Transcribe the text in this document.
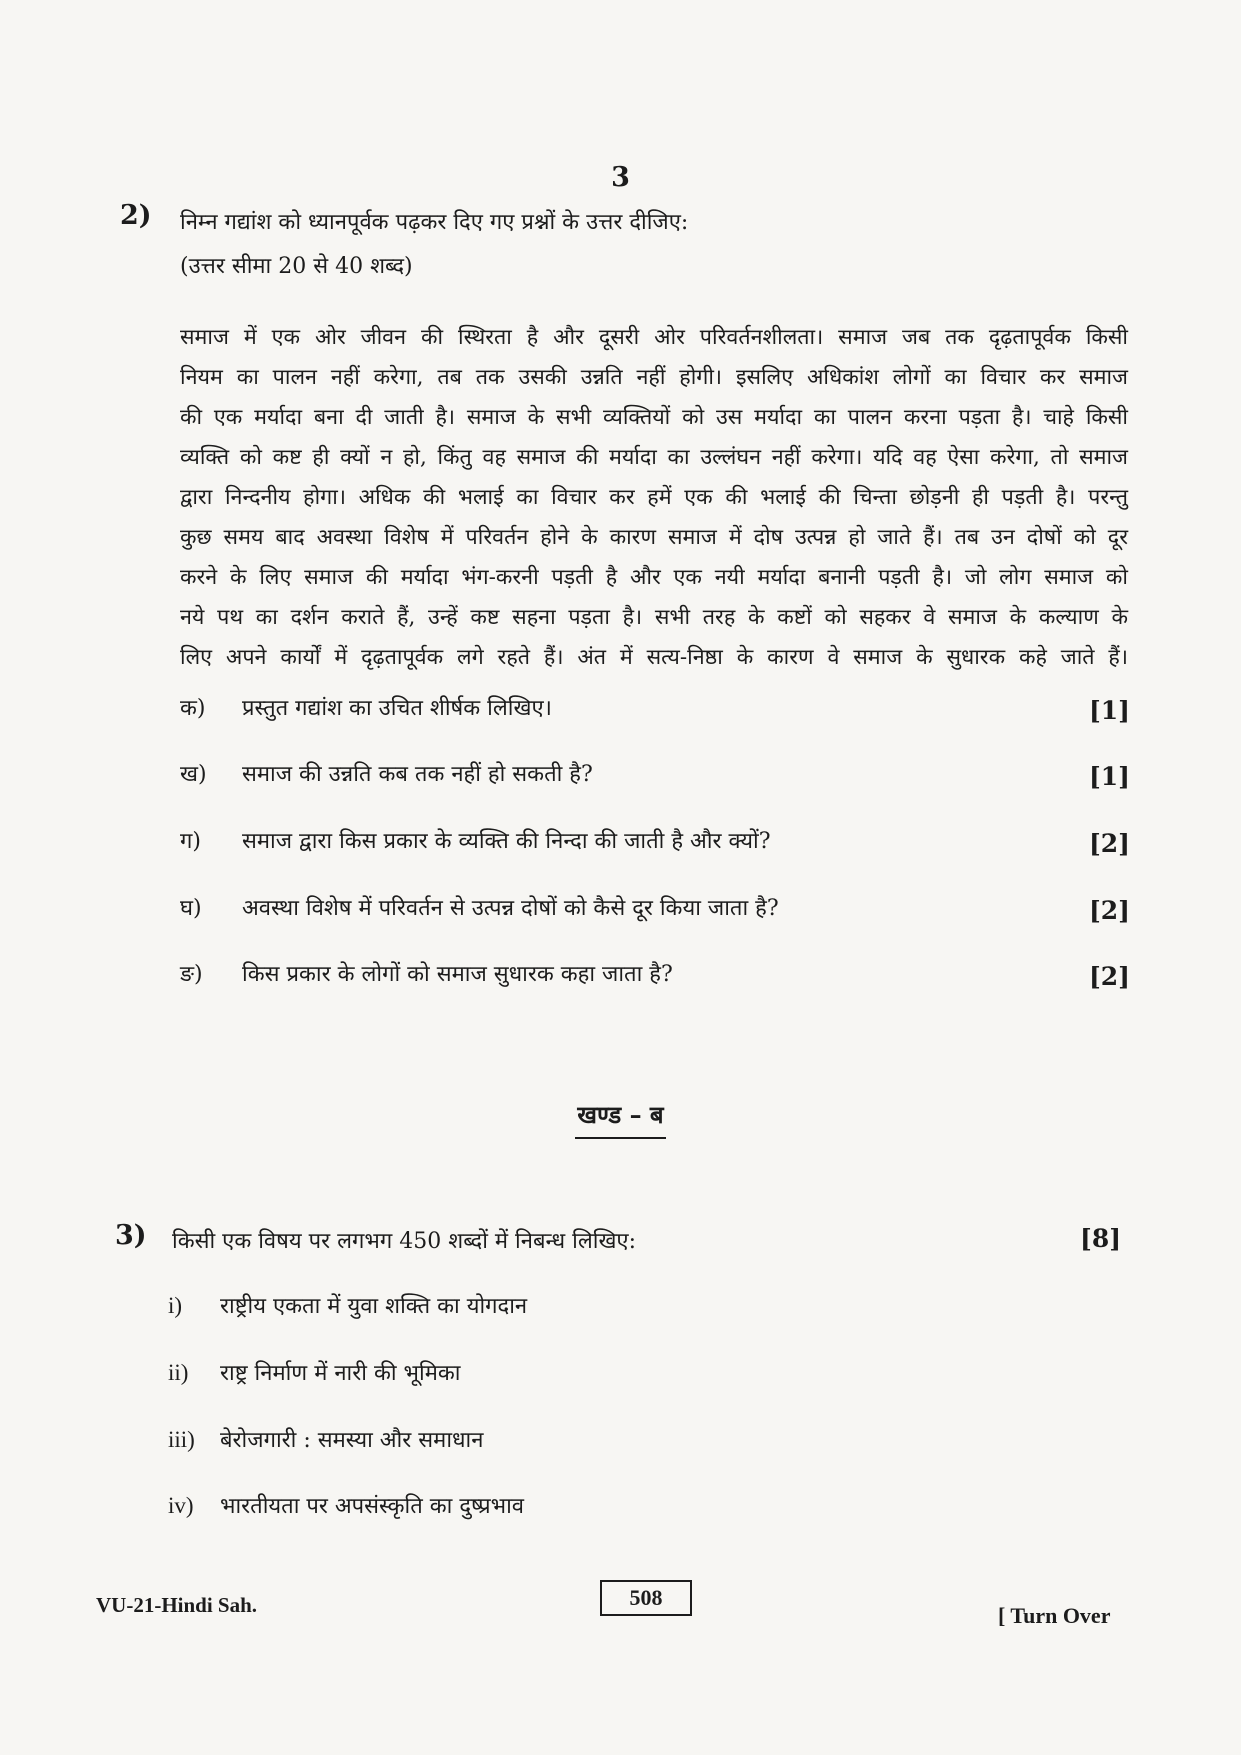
3
2) निम्न गद्यांश को ध्यानपूर्वक पढ़कर दिए गए प्रश्नों के उत्तर दीजिए:
(उत्तर सीमा 20 से 40 शब्द)
समाज में एक ओर जीवन की स्थिरता है और दूसरी ओर परिवर्तनशीलता। समाज जब तक दृढ़तापूर्वक किसी
नियम का पालन नहीं करेगा, तब तक उसकी उन्नति नहीं होगी। इसलिए अधिकांश लोगों का विचार कर समाज
की एक मर्यादा बना दी जाती है। समाज के सभी व्यक्तियों को उस मर्यादा का पालन करना पड़ता है। चाहे किसी
व्यक्ति को कष्ट ही क्यों न हो, किंतु वह समाज की मर्यादा का उल्लंघन नहीं करेगा। यदि वह ऐसा करेगा, तो समाज
द्वारा निन्दनीय होगा। अधिक की भलाई का विचार कर हमें एक की भलाई की चिन्ता छोड़नी ही पड़ती है। परन्तु
कुछ समय बाद अवस्था विशेष में परिवर्तन होने के कारण समाज में दोष उत्पन्न हो जाते हैं। तब उन दोषों को दूर
करने के लिए समाज की मर्यादा भंग-करनी पड़ती है और एक नयी मर्यादा बनानी पड़ती है। जो लोग समाज को
नये पथ का दर्शन कराते हैं, उन्हें कष्ट सहना पड़ता है। सभी तरह के कष्टों को सहकर वे समाज के कल्याण के
लिए अपने कार्यों में दृढ़तापूर्वक लगे रहते हैं। अंत में सत्य-निष्ठा के कारण वे समाज के सुधारक कहे जाते हैं।
क) प्रस्तुत गद्यांश का उचित शीर्षक लिखिए।	[1]
ख) समाज की उन्नति कब तक नहीं हो सकती है?	[1]
ग) समाज द्वारा किस प्रकार के व्यक्ति की निन्दा की जाती है और क्यों?	[2]
घ) अवस्था विशेष में परिवर्तन से उत्पन्न दोषों को कैसे दूर किया जाता है?	[2]
ङ) किस प्रकार के लोगों को समाज सुधारक कहा जाता है?	[2]
खण्ड – ब
3) किसी एक विषय पर लगभग 450 शब्दों में निबन्ध लिखिए:	[8]
i) राष्ट्रीय एकता में युवा शक्ति का योगदान
ii) राष्ट्र निर्माण में नारी की भूमिका
iii) बेरोजगारी : समस्या और समाधान
iv) भारतीयता पर अपसंस्कृति का दुष्प्रभाव
VU-21-Hindi Sah.	508
[ Turn Over
